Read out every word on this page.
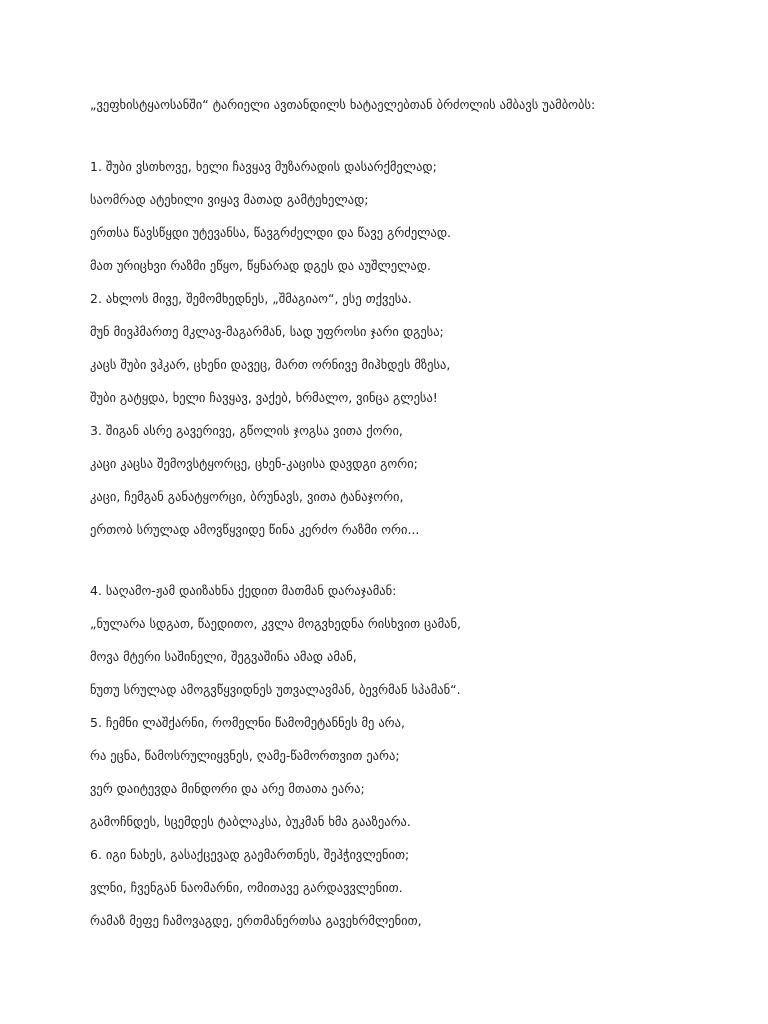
„ვეფხისტყაოსანში“ ტარიელი ავთანდილს ხატაელებთან ბრძოლის ამბავს უამბობს:
1. შუბი ვსთხოვე, ხელი ჩავყავ მუზარადის დასარქმელად;
საომრად ატეხილი ვიყავ მათად გამტეხელად;
ერთსა წავსწყდი უტევანსა, წავგრძელდი და წავე გრძელად.
მათ ურიცხვი რაზმი ეწყო, წყნარად დგეს და აუშლელად.
2. ახლოს მივე, შემომხედნეს, „შმაგიაო“, ესე თქვესა.
მუნ მივჰმართე მკლავ-მაგარმან, სად უფროსი ჯარი დგესა;
კაცს შუბი ვჰკარ, ცხენი დავეც, მართ ორნივე მიჰხდეს მზესა,
შუბი გატყდა, ხელი ჩავყავ, ვაქებ, ხრმალო, ვინცა გლესა!
3. შიგან ასრე გავერივე, გწოლის ჯოგსა ვითა ქორი,
კაცი კაცსა შემოვსტყორცე, ცხენ-კაცისა დავდგი გორი;
კაცი, ჩემგან განატყორცი, ბრუნავს, ვითა ტანაჯორი,
ერთობ სრულად ამოვწყვიდე წინა კერძო რაზმი ორი...
4. საღამო-ჟამ დაიზახნა ქედით მათმან დარაჯამან:
„ნულარა სდგათ, წაედითო, კვლა მოგვხედნა რისხვით ცამან,
მოვა მტერი საშინელი, შეგვაშინა ამად ამან,
ნუთუ სრულად ამოგვწყვიდნეს უთვალავმან, ბევრმან სპამან“.
5. ჩემნი ლაშქარნი, რომელნი წამომეტანნეს მე არა,
რა ეცნა, წამოსრულიყვნეს, ღამე-წამორთვით ეარა;
ვერ დაიტევდა მინდორი და არე მთათა ეარა;
გამოჩნდეს, სცემდეს ტაბლაკსა, ბუკმან ხმა გააზეარა.
6. იგი ნახეს, გასაქცევად გაემართნეს, შეჰჭივლენით;
ვლნი, ჩვენგან ნაომარნი, ომითავე გარდავვლენით.
რამაზ მეფე ჩამოვაგდე, ერთმანერთსა გავეხრმლენით,
